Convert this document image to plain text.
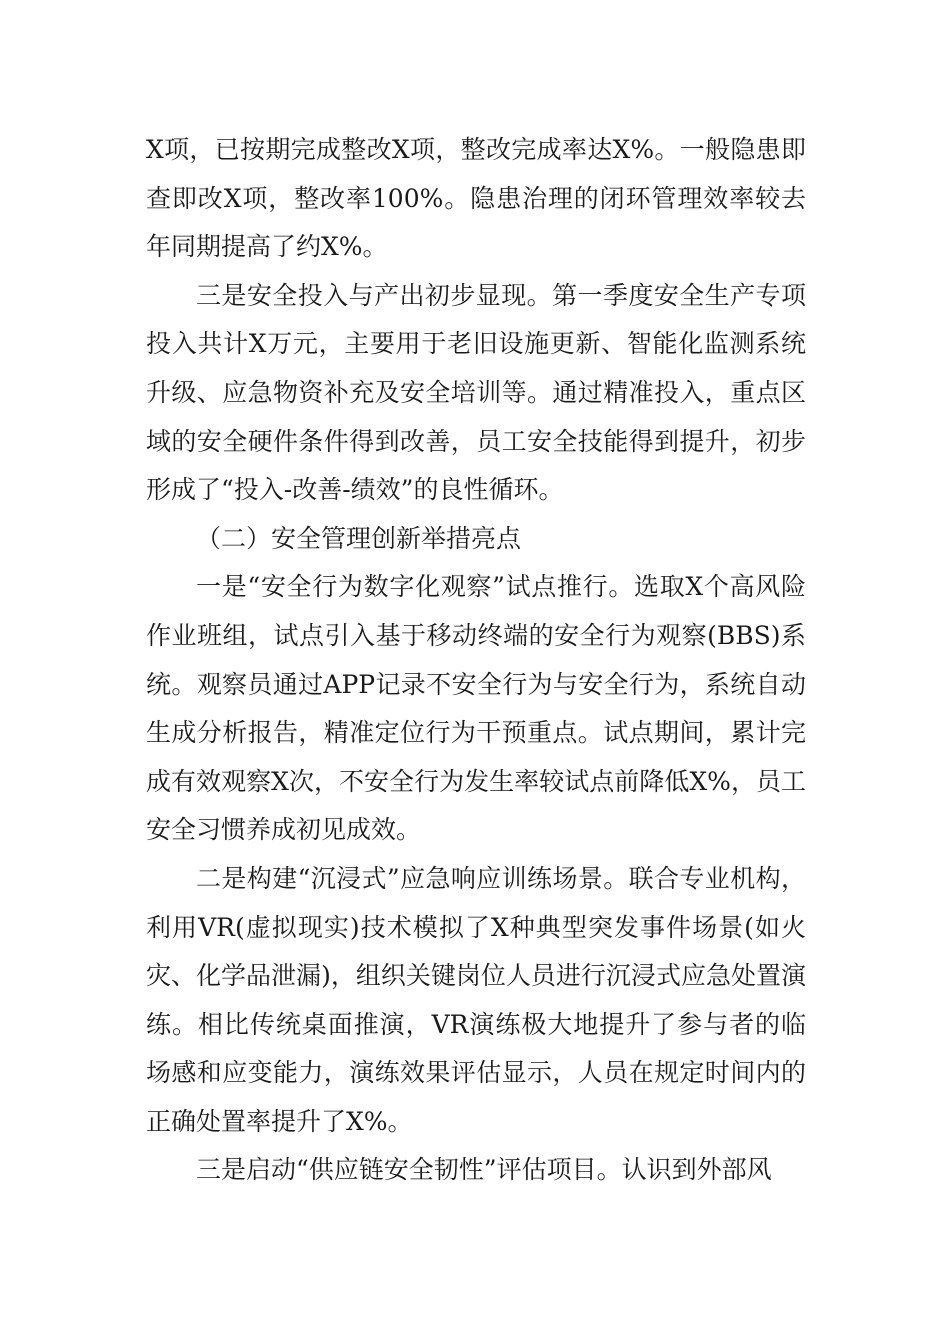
X项，已按期完成整改X项，整改完成率达X%。一般隐患即查即改X项，整改率100%。隐患治理的闭环管理效率较去年同期提高了约X%。

三是安全投入与产出初步显现。第一季度安全生产专项投入共计X万元，主要用于老旧设施更新、智能化监测系统升级、应急物资补充及安全培训等。通过精准投入，重点区域的安全硬件条件得到改善，员工安全技能得到提升，初步形成了“投入-改善-绩效”的良性循环。

（二）安全管理创新举措亮点

一是“安全行为数字化观察”试点推行。选取X个高风险作业班组，试点引入基于移动终端的安全行为观察(BBS)系统。观察员通过APP记录不安全行为与安全行为，系统自动生成分析报告，精准定位行为干预重点。试点期间，累计完成有效观察X次，不安全行为发生率较试点前降低X%，员工安全习惯养成初见成效。

二是构建“沉浸式”应急响应训练场景。联合专业机构，利用VR(虚拟现实)技术模拟了X种典型突发事件场景(如火灾、化学品泄漏)，组织关键岗位人员进行沉浸式应急处置演练。相比传统桌面推演，VR演练极大地提升了参与者的临场感和应变能力，演练效果评估显示，人员在规定时间内的正确处置率提升了X%。

三是启动“供应链安全韧性”评估项目。认识到外部风
